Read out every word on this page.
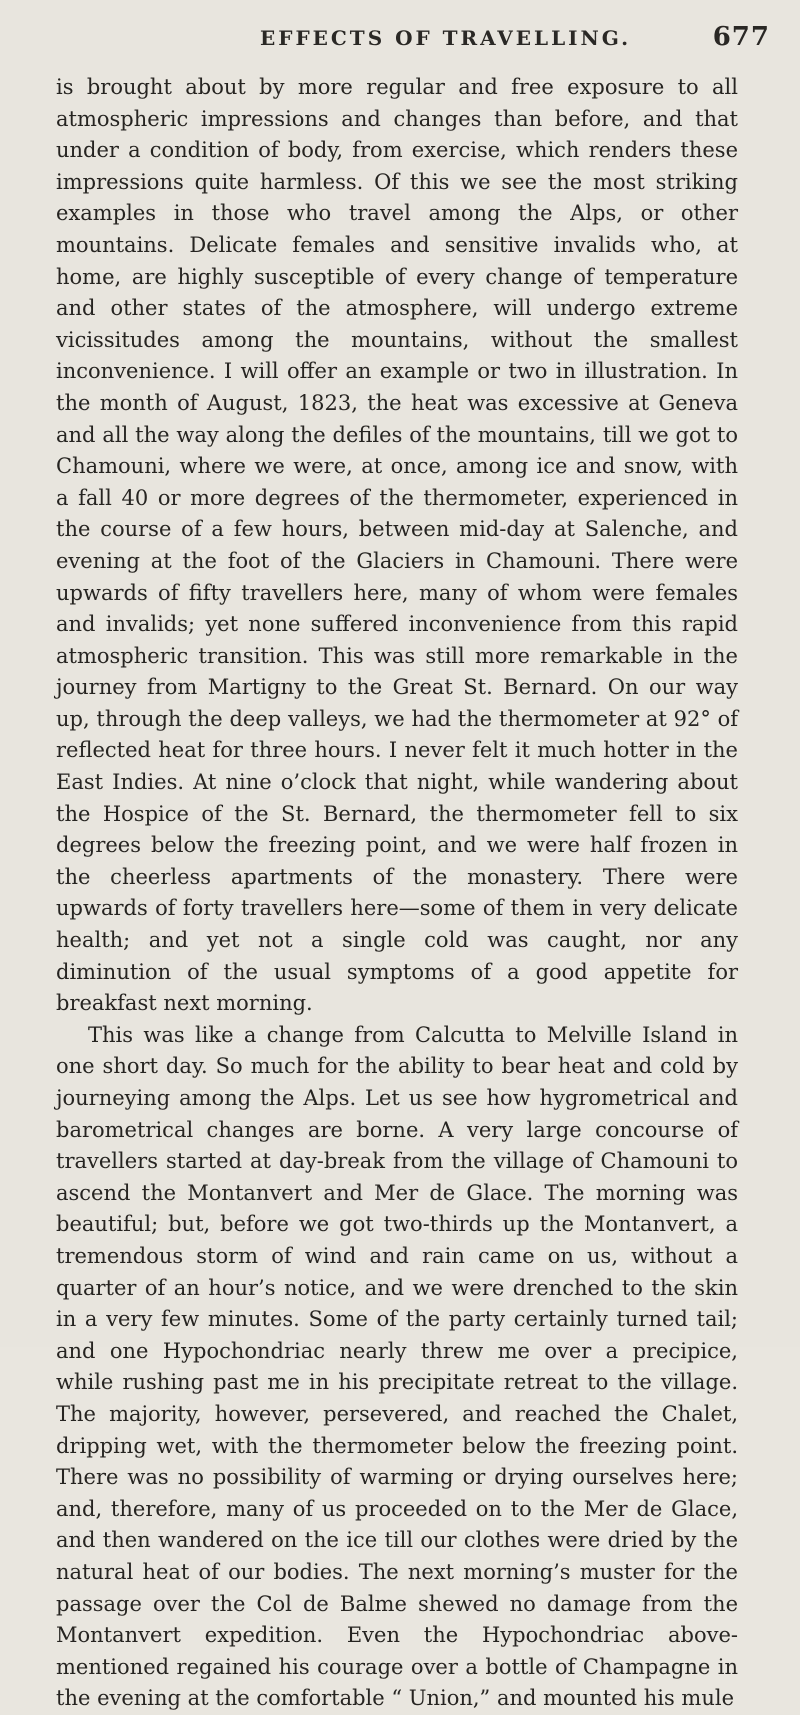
EFFECTS OF TRAVELLING.	677

is brought about by more regular and free exposure to all atmospheric impressions and changes than before, and that under a condition of body, from exercise, which renders these impressions quite harmless. Of this we see the most striking examples in those who travel among the Alps, or other mountains. Delicate females and sensitive invalids who, at home, are highly susceptible of every change of temperature and other states of the atmosphere, will undergo extreme vicissitudes among the mountains, without the smallest inconvenience. I will offer an example or two in illustration. In the month of August, 1823, the heat was excessive at Geneva and all the way along the defiles of the mountains, till we got to Chamouni, where we were, at once, among ice and snow, with a fall 40 or more degrees of the thermometer, experienced in the course of a few hours, between mid-day at Salenche, and evening at the foot of the Glaciers in Chamouni. There were upwards of fifty travellers here, many of whom were females and invalids; yet none suffered inconvenience from this rapid atmospheric transition. This was still more remarkable in the journey from Martigny to the Great St. Bernard. On our way up, through the deep valleys, we had the thermometer at 92° of reflected heat for three hours. I never felt it much hotter in the East Indies. At nine o’clock that night, while wandering about the Hospice of the St. Bernard, the thermometer fell to six degrees below the freezing point, and we were half frozen in the cheerless apartments of the monastery. There were upwards of forty travellers here—some of them in very delicate health; and yet not a single cold was caught, nor any diminution of the usual symptoms of a good appetite for breakfast next morning.

This was like a change from Calcutta to Melville Island in one short day. So much for the ability to bear heat and cold by journeying among the Alps. Let us see how hygrometrical and barometrical changes are borne. A very large concourse of travellers started at day-break from the village of Chamouni to ascend the Montanvert and Mer de Glace. The morning was beautiful; but, before we got two-thirds up the Montanvert, a tremendous storm of wind and rain came on us, without a quarter of an hour’s notice, and we were drenched to the skin in a very few minutes. Some of the party certainly turned tail; and one Hypochondriac nearly threw me over a precipice, while rushing past me in his precipitate retreat to the village. The majority, however, persevered, and reached the Chalet, dripping wet, with the thermometer below the freezing point. There was no possibility of warming or drying ourselves here; and, therefore, many of us proceeded on to the Mer de Glace, and then wandered on the ice till our clothes were dried by the natural heat of our bodies. The next morning’s muster for the passage over the Col de Balme shewed no damage from the Montanvert expedition. Even the Hypochondriac above-mentioned regained his courage over a bottle of Champagne in the evening at the comfortable “ Union,” and mounted his mule
